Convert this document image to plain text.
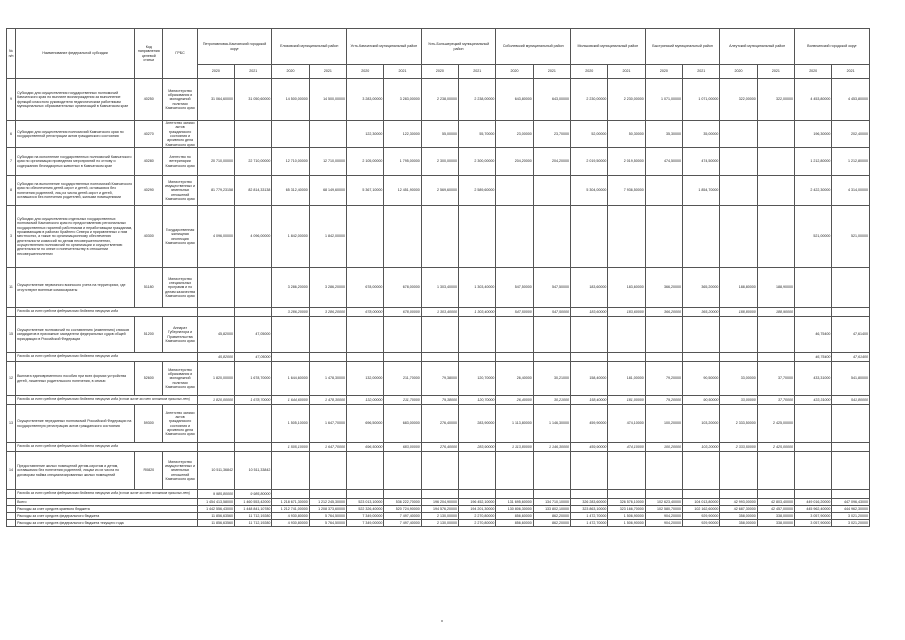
№ п/п	Наименование федеральной субсидии	Код направления целевой статьи	ГРБС	Петропавловск-Камчатский городской округ		Елизовский муниципальный район		Усть-Камчатский муниципальный район		Усть-Большерецкий муниципальный район		Соболевский муниципальный район		Мильковский муниципальный район		Быстринский муниципальный район		Алеутский муниципальный район		Вилючинский городской округ	
				2020	2021	2020	2021	2020	2021	2020	2021	2020	2021	2020	2021	2020	2021	2020	2021	2020	2021
9	Субсидии для осуществления государственных полномочий Камчатского края по выплате вознаграждения за выполнение функций классного руководителя педагогическим работникам муниципальных образовательных организаций в Камчатском крае	40250	Министерство образования и молодежной политики Камчатского края	31 064,60000	31 050,60000	14 500,00000	14 500,00000	3 283,00000	3 283,00000	2 238,00000	2 238,00000	643,80000	643,00000	2 230,00000	2 230,00000	1 071,00000	1 071,00000	322,00000	322,00000	4 453,80000	4 453,80000
6	Субсидии для осуществления полномочий Камчатского края по государственной регистрации актов гражданского состояния	40270	Агентство записи актов гражданского состояния и архивного дела Камчатского края					122,30000	122,30000	55,00000	55,70000	23,00000	23,70000	52,00000	50,30000	35,30000	35,00000			196,30000	202,40000
7	Субсидии на исполнение государственных полномочий Камчатского края по организации проведения мероприятий по отлову и содержанию безнадзорных животных в Камчатском крае	40280	Агентство по ветеринарии Камчатского края	20 710,00000	22 710,00000	12 710,00000	12 710,00000	2 105,00000	1 795,00000	2 300,00000	2 300,00000	204,20000	204,20000	2 019,50000	2 019,50000	474,50000	474,50000			1 212,80000	1 212,80000
8	Субсидии на выполнение государственных полномочий Камчатского края по обеспечению детей-сирот и детей, оставшихся без попечения родителей, лиц из числа детей-сирот и детей, оставшихся без попечения родителей, жилыми помещениями	40290	Министерство имущественных и земельных отношений Камчатского края	81 779,23158	82 814,33138	65 312,40000	68 149,60000	5 367,10000	12 451,90000	2 569,60000	2 589,60000			5 304,00000	7 936,50000		1 854,70000			2 422,30000	4 314,00000
3	Субсидии для осуществления отдельных государственных полномочий Камчатского края по предоставлению региональных государственных гарантий работникам и неработающим гражданам, проживающим в районах Крайнего Севера и приравненных к ним местностях, а также по организационному обеспечению деятельности комиссий по делам несовершеннолетних, осуществлению полномочий по организации и осуществлению деятельности по опеке и попечительству в отношении несовершеннолетних	40300	Государственная жилищная инспекция Камчатского края	4 096,00000	4 096,00000	1 842,00000	1 842,00000													521,00000	521,00000
11	Осуществление первичного воинского учета на территориях, где отсутствуют военные комиссариаты	51180	Министерство специальных программ и по делам казачества Камчатского края			3 286,20000	3 286,20000	678,00000	678,00000	1 303,40000	1 303,40000	547,50000	547,50000	183,60000	183,60000	366,20000	365,20000	188,80000	188,90000		
	Расходы за счет средств федерального бюджета текущего года					3 286,20000	3 286,20000	678,00000	678,00000	1 303,40000	1 303,40000	547,50000	547,50000	183,60000	183,60000	366,20000	365,20000	188,80000	188,90000		
15	Осуществление полномочий по составлению (изменению) списков кандидатов в присяжные заседатели федеральных судов общей юрисдикции в Российской Федерации	51200	Аппарат Губернатора и Правительства Камчатского края	45,82000	47,05000															46,75400	47,61400
	Расходы за счет средств федерального бюджета текущего года			45,82000	47,05000															46,75400	47,61400
12	Выплата единовременного пособия при всех формах устройства детей, лишенных родительского попечения, в семью	52600	Министерство образования и молодежной политики Камчатского края	1 820,00000	1 678,70000	1 644,60000	1 478,30000	132,00000	211,70000	79,38000	120,70000	26,40000	30,21000	158,40000	181,00000	79,20000	90,50000	33,00000	37,70000	433,31000	541,80000
	Расходы за счет средств федерального бюджета текущего года (в том числе за счет остатков прошлых лет)			1 820,00000	1 678,70000	1 644,60000	1 478,30000	132,00000	211,70000	79,38000	120,70000	26,40000	30,21000	158,40000	181,00000	79,20000	90,50000	33,00000	37,70000	433,31000	541,80000
13	Осуществление переданных полномочий Российской Федерации на государственную регистрацию актов гражданского состояния	59300	Агентство записи актов гражданского состояния и архивного дела Камчатского края			1 505,10000	1 647,70000	696,50000	683,00000	276,40000	283,90000	1 113,80000	1 146,30000	459,90000	474,10000	100,20000	103,20000	2 333,50000	2 425,00000		
	Расходы за счет средств федерального бюджета текущего года					1 505,10000	1 647,70000	696,50000	683,00000	276,40000	283,90000	1 113,80000	1 146,30000	459,90000	474,10000	100,20000	103,20000	2 333,50000	2 425,00000		
14	Предоставление жилых помещений детям-сиротам и детям, оставшимся без попечения родителей, лицам из их числа по договорам найма специализированных жилых помещений	R0820	Министерство имущественных и земельных отношений Камчатского края	10 511,36842	10 511,33842																
	Расходы за счет средств федерального бюджета текущего года (в том числе за счет остатков прошлых лет)			9 985,80000	9 985,80000																
	Всего			1 454 413,58000	1 460 553,42000	1 218 671,30000	1 212 245,30000	523 013,10000	536 222,70000	196 204,90000	196 452,10000	131 695,60000	134 710,10000	326 283,60000	326 576,10000	102 623,40000	104 013,80000	42 993,00000	42 803,40000	449 016,20000	447 096,43000
	Расходы за счет средств краевого бюджета			1 442 556,43000	1 448 841,10780	1 212 741,00000	1 208 373,60000	522 326,40000	520 724,90000	194 576,20000	194 201,30000	130 806,30000	133 802,10000	323 863,10000	323 166,70000	102 580,70000	102 162,60000	42 687,30000	42 457,00000	445 962,40000	444 962,30000
	Расходы за счет средств федерального бюджета			11 856,63560	11 712,19280	4 930,80000	5 764,50000	7 349,00000	7 497,40000	2 130,00000	2 270,80000	856,60000	862,20000	1 472,70000	1 506,90000	904,20000	929,90000	358,00000	338,00000	3 057,90000	3 021,20000
	Расходы за счет средств федерального бюджета текущего года			11 856,63560	11 712,19280	4 930,80000	5 764,50000	7 349,00000	7 497,40000	2 130,00000	2 270,80000	856,60000	862,20000	1 472,70000	1 506,90000	904,20000	929,90000	358,00000	338,00000	3 057,90000	3 021,20000
